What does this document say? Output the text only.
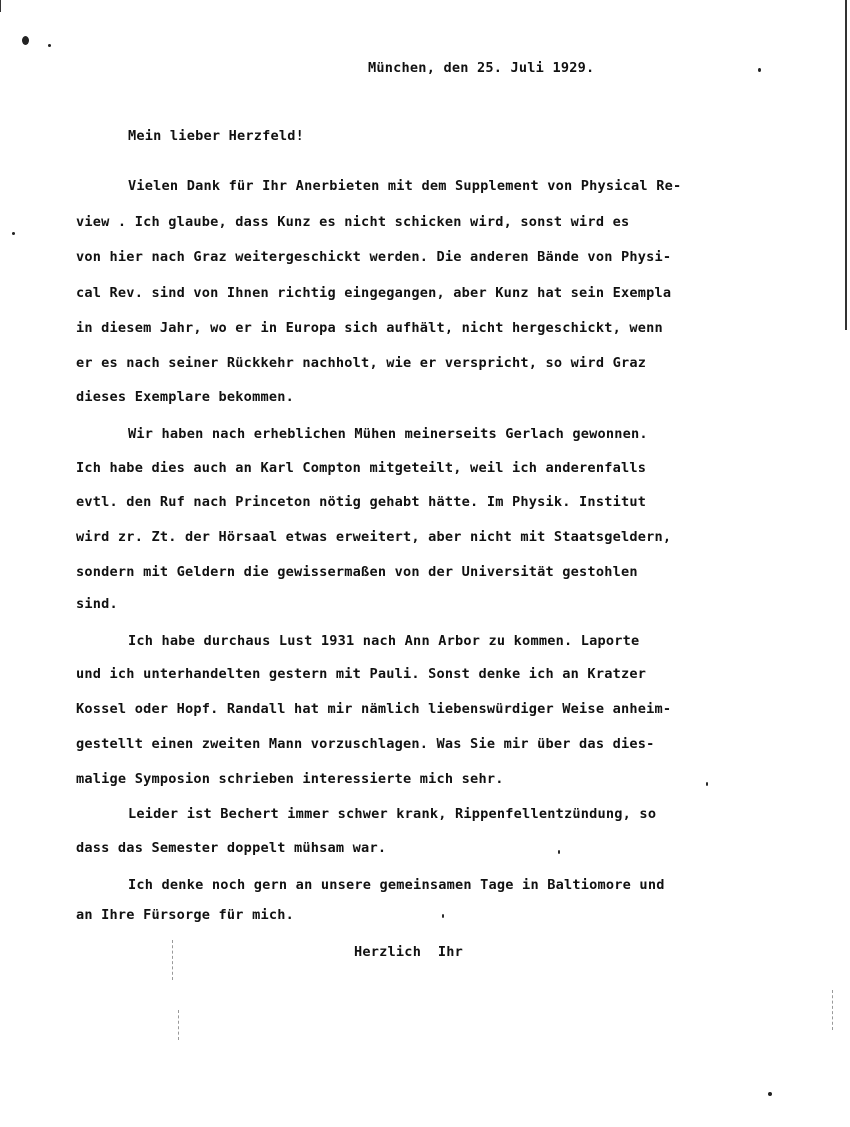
München, den 25. Juli 1929.
Mein lieber Herzfeld!
Vielen Dank für Ihr Anerbieten mit dem Supplement von Physical Re-
view . Ich glaube, dass Kunz es nicht schicken wird, sonst wird es
von hier nach Graz weitergeschickt werden. Die anderen Bände von Physi-
cal Rev. sind von Ihnen richtig eingegangen, aber Kunz hat sein Exempla
in diesem Jahr, wo er in Europa sich aufhält, nicht hergeschickt, wenn
er es nach seiner Rückkehr nachholt, wie er verspricht, so wird Graz
dieses Exemplare bekommen.
Wir haben nach erheblichen Mühen meinerseits Gerlach gewonnen.
Ich habe dies auch an Karl Compton mitgeteilt, weil ich anderenfalls
evtl. den Ruf nach Princeton nötig gehabt hätte. Im Physik. Institut
wird zr. Zt. der Hörsaal etwas erweitert, aber nicht mit Staatsgeldern,
sondern mit Geldern die gewissermaßen von der Universität gestohlen
sind.
Ich habe durchaus Lust 1931 nach Ann Arbor zu kommen. Laporte
und ich unterhandelten gestern mit Pauli. Sonst denke ich an Kratzer
Kossel oder Hopf. Randall hat mir nämlich liebenswürdiger Weise anheim-
gestellt einen zweiten Mann vorzuschlagen. Was Sie mir über das dies-
malige Symposion schrieben interessierte mich sehr.
Leider ist Bechert immer schwer krank, Rippenfellentzündung, so
dass das Semester doppelt mühsam war.
Ich denke noch gern an unsere gemeinsamen Tage in Baltiomore und
an Ihre Fürsorge für mich.
Herzlich  Ihr
